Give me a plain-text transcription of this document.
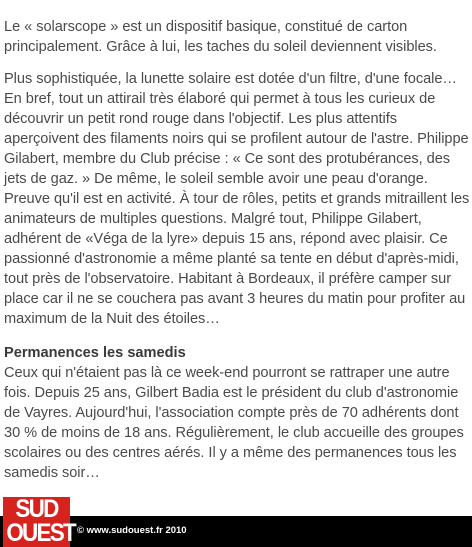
Le « solarscope » est un dispositif basique, constitué de carton principalement. Grâce à lui, les taches du soleil deviennent visibles.

Plus sophistiquée, la lunette solaire est dotée d'un filtre, d'une focale… En bref, tout un attirail très élaboré qui permet à tous les curieux de découvrir un petit rond rouge dans l'objectif. Les plus attentifs aperçoivent des filaments noirs qui se profilent autour de l'astre. Philippe Gilabert, membre du Club précise : « Ce sont des protubérances, des jets de gaz. » De même, le soleil semble avoir une peau d'orange. Preuve qu'il est en activité. À tour de rôles, petits et grands mitraillent les animateurs de multiples questions. Malgré tout, Philippe Gilabert, adhérent de «Véga de la lyre» depuis 15 ans, répond avec plaisir. Ce passionné d'astronomie a même planté sa tente en début d'après-midi, tout près de l'observatoire. Habitant à Bordeaux, il préfère camper sur place car il ne se couchera pas avant 3 heures du matin pour profiter au maximum de la Nuit des étoiles…

Permanences les samedis

Ceux qui n'étaient pas là ce week-end pourront se rattraper une autre fois. Depuis 25 ans, Gilbert Badia est le président du club d'astronomie de Vayres. Aujourd'hui, l'association compte près de 70 adhérents dont 30 % de moins de 18 ans. Régulièrement, le club accueille des groupes scolaires ou des centres aérés. Il y a même des permanences tous les samedis soir…

© www.sudouest.fr 2010
SUD
OUEST
